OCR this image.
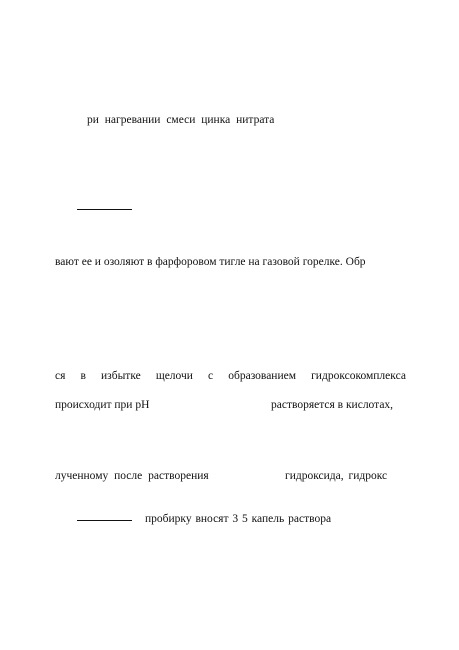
ри нагревании смеси цинка нитрата
вают ее и озоляют в фарфоровом тигле на газовой горелке. Обр
ся в избытке щелочи с образованием гидроксокомплекса
происходит при рН	растворяется в кислотах,
лученному после растворения	гидроксида, гидрокс
пробирку вносят 3 5 капель раствора
